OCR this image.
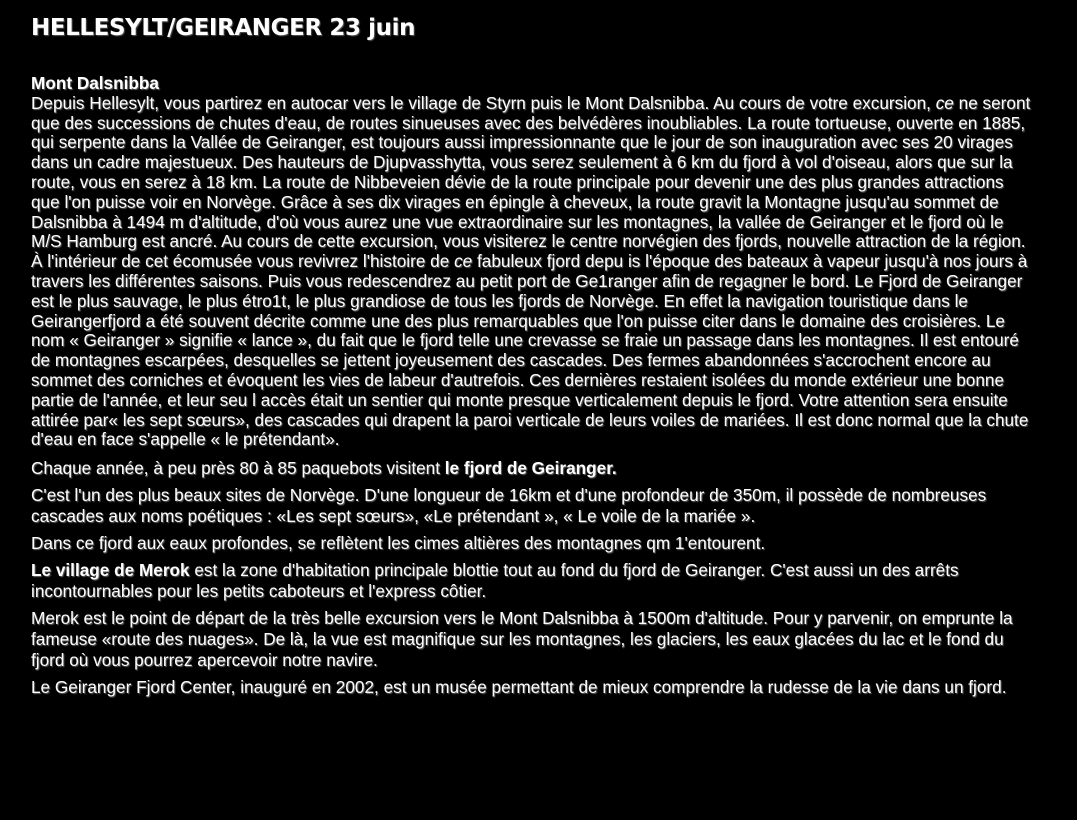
HELLESYLT/GEIRANGER 23 juin
Mont Dalsnibba

Depuis Hellesylt, vous partirez en autocar vers le village de Styrn puis le Mont Dalsnibba. Au cours de votre excursion, ce ne seront que des successions de chutes d'eau, de routes sinueuses avec des belvédères inoubliables. La route tortueuse, ouverte en 1885, qui serpente dans la Vallée de Geiranger, est toujours aussi impressionnante que le jour de son inauguration avec ses 20 virages dans un cadre majestueux. Des hauteurs de Djupvasshytta, vous serez seulement à 6 km du fjord à vol d'oiseau, alors que sur la route, vous en serez à 18 km. La route de Nibbeveien dévie de la route principale pour devenir une des plus grandes attractions que l'on puisse voir en Norvège. Grâce à ses dix virages en épingle à cheveux, la route gravit la Montagne jusqu'au sommet de Dalsnibba à 1494 m d'altitude, d'où vous aurez une vue extraordinaire sur les montagnes, la vallée de Geiranger et le fjord où le M/S Hamburg est ancré. Au cours de cette excursion, vous visiterez le centre norvégien des fjords, nouvelle attraction de la région.

À l'intérieur de cet écomusée vous revivrez l'histoire de ce fabuleux fjord depu is l'époque des bateaux à vapeur jusqu'à nos jours à travers les différentes saisons. Puis vous redescendrez au petit port de Ge1ranger afin de regagner le bord. Le Fjord de Geiranger est le plus sauvage, le plus étro1t, le plus grandiose de tous les fjords de Norvège. En effet la navigation touristique dans le Geirangerfjord a été souvent décrite comme une des plus remarquables que l'on puisse citer dans le domaine des croisières. Le nom « Geiranger » signifie « lance », du fait que le fjord telle une crevasse se fraie un passage dans les montagnes. Il est entouré de montagnes escarpées, desquelles se jettent joyeusement des cascades. Des fermes abandonnées s'accrochent encore au sommet des corniches et évoquent les vies de labeur d'autrefois. Ces dernières restaient isolées du monde extérieur une bonne partie de l'année, et leur seu l accès était un sentier qui monte presque verticalement depuis le fjord. Votre attention sera ensuite attirée par« les sept sœurs», des cascades qui drapent la paroi verticale de leurs voiles de mariées. Il est donc normal que la chute d'eau en face s'appelle « le prétendant».

Chaque année, à peu près 80 à 85 paquebots visitent le fjord de Geiranger.

C'est l'un des plus beaux sites de Norvège. D'une longueur de 16km et d'une profondeur de 350m, il possède de nombreuses cascades aux noms poétiques : «Les sept sœurs», «Le prétendant », « Le voile de la mariée ».

Dans ce fjord aux eaux profondes, se reflètent les cimes altières des montagnes qm 1'entourent.

Le village de Merok est la zone d'habitation principale blottie tout au fond du fjord de Geiranger. C'est aussi un des arrêts incontournables pour les petits caboteurs et l'express côtier.

Merok est le point de départ de la très belle excursion vers le Mont Dalsnibba à 1500m d'altitude. Pour y parvenir, on emprunte la fameuse «route des nuages». De là, la vue est magnifique sur les montagnes, les glaciers, les eaux glacées du lac et le fond du fjord où vous pourrez apercevoir notre navire.

Le Geiranger Fjord Center, inauguré en 2002, est un musée permettant de mieux comprendre la rudesse de la vie dans un fjord.
